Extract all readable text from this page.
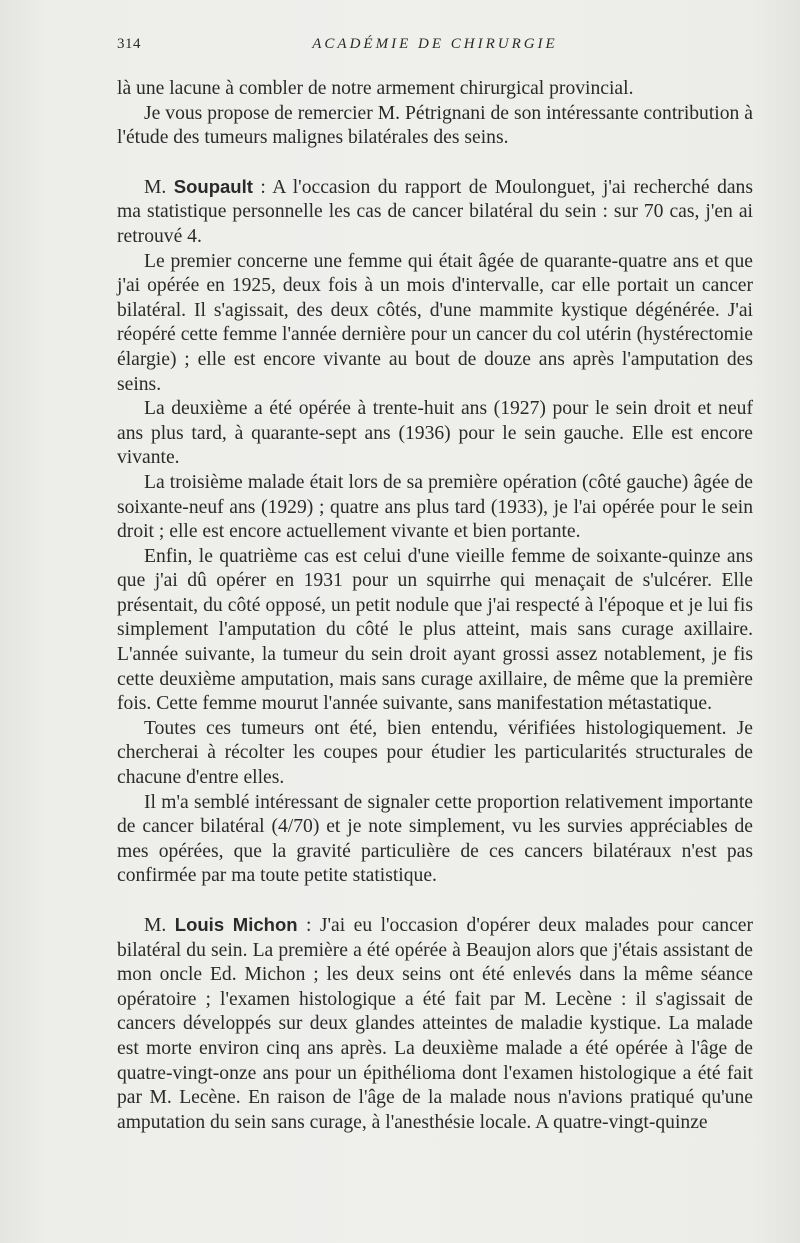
314	ACADÉMIE DE CHIRURGIE

là une lacune à combler de notre armement chirurgical provincial.

Je vous propose de remercier M. Pétrignani de son intéressante contribution à l'étude des tumeurs malignes bilatérales des seins.

M. Soupault : A l'occasion du rapport de Moulonguet, j'ai recherché dans ma statistique personnelle les cas de cancer bilatéral du sein : sur 70 cas, j'en ai retrouvé 4.

Le premier concerne une femme qui était âgée de quarante-quatre ans et que j'ai opérée en 1925, deux fois à un mois d'intervalle, car elle portait un cancer bilatéral. Il s'agissait, des deux côtés, d'une mammite kystique dégénérée. J'ai réopéré cette femme l'année dernière pour un cancer du col utérin (hystérectomie élargie) ; elle est encore vivante au bout de douze ans après l'amputation des seins.

La deuxième a été opérée à trente-huit ans (1927) pour le sein droit et neuf ans plus tard, à quarante-sept ans (1936) pour le sein gauche. Elle est encore vivante.

La troisième malade était lors de sa première opération (côté gauche) âgée de soixante-neuf ans (1929) ; quatre ans plus tard (1933), je l'ai opérée pour le sein droit ; elle est encore actuellement vivante et bien portante.

Enfin, le quatrième cas est celui d'une vieille femme de soixante-quinze ans que j'ai dû opérer en 1931 pour un squirrhe qui menaçait de s'ulcérer. Elle présentait, du côté opposé, un petit nodule que j'ai respecté à l'époque et je lui fis simplement l'amputation du côté le plus atteint, mais sans curage axillaire. L'année suivante, la tumeur du sein droit ayant grossi assez notablement, je fis cette deuxième amputation, mais sans curage axillaire, de même que la première fois. Cette femme mourut l'année suivante, sans manifestation métastatique.

Toutes ces tumeurs ont été, bien entendu, vérifiées histologiquement. Je chercherai à récolter les coupes pour étudier les particularités structurales de chacune d'entre elles.

Il m'a semblé intéressant de signaler cette proportion relativement importante de cancer bilatéral (4/70) et je note simplement, vu les survies appréciables de mes opérées, que la gravité particulière de ces cancers bilatéraux n'est pas confirmée par ma toute petite statistique.

M. Louis Michon : J'ai eu l'occasion d'opérer deux malades pour cancer bilatéral du sein. La première a été opérée à Beaujon alors que j'étais assistant de mon oncle Ed. Michon ; les deux seins ont été enlevés dans la même séance opératoire ; l'examen histologique a été fait par M. Lecène : il s'agissait de cancers développés sur deux glandes atteintes de maladie kystique. La malade est morte environ cinq ans après. La deuxième malade a été opérée à l'âge de quatre-vingt-onze ans pour un épithélioma dont l'examen histologique a été fait par M. Lecène. En raison de l'âge de la malade nous n'avions pratiqué qu'une amputation du sein sans curage, à l'anesthésie locale. A quatre-vingt-quinze
